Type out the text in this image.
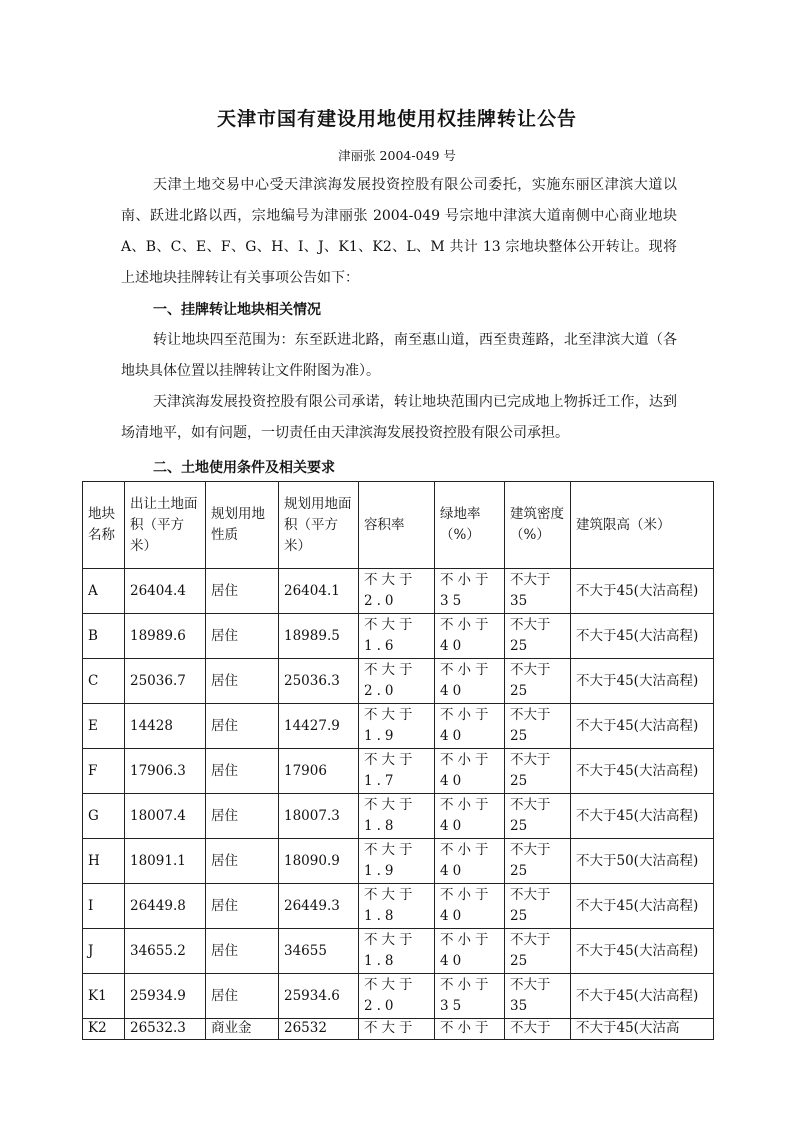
天津市国有建设用地使用权挂牌转让公告
津丽张 2004-049 号

天津土地交易中心受天津滨海发展投资控股有限公司委托，实施东丽区津滨大道以南、跃进北路以西，宗地编号为津丽张 2004-049 号宗地中津滨大道南侧中心商业地块 A、B、C、E、F、G、H、I、J、K1、K2、L、M 共计 13 宗地块整体公开转让。现将上述地块挂牌转让有关事项公告如下：

一、挂牌转让地块相关情况

转让地块四至范围为：东至跃进北路，南至惠山道，西至贵莲路，北至津滨大道（各地块具体位置以挂牌转让文件附图为准）。

天津滨海发展投资控股有限公司承诺，转让地块范围内已完成地上物拆迁工作，达到场清地平，如有问题，一切责任由天津滨海发展投资控股有限公司承担。

二、土地使用条件及相关要求
地块名称	出让土地面积（平方米）	规划用地性质	规划用地面积（平方米）	容积率	绿地率（%）	建筑密度（%）	建筑限高（米）
A	26404.4	居住	26404.1	不大于2.0	不小于35	不大于35	不大于45(大沽高程)
B	18989.6	居住	18989.5	不大于1.6	不小于40	不大于25	不大于45(大沽高程)
C	25036.7	居住	25036.3	不大于2.0	不小于40	不大于25	不大于45(大沽高程)
E	14428	居住	14427.9	不大于1.9	不小于40	不大于25	不大于45(大沽高程)
F	17906.3	居住	17906	不大于1.7	不小于40	不大于25	不大于45(大沽高程)
G	18007.4	居住	18007.3	不大于1.8	不小于40	不大于25	不大于45(大沽高程)
H	18091.1	居住	18090.9	不大于1.9	不小于40	不大于25	不大于50(大沽高程)
I	26449.8	居住	26449.3	不大于1.8	不小于40	不大于25	不大于45(大沽高程)
J	34655.2	居住	34655	不大于1.8	不小于40	不大于25	不大于45(大沽高程)
K1	25934.9	居住	25934.6	不大于2.0	不小于35	不大于35	不大于45(大沽高程)
K2	26532.3	商业金	26532	不大于	不小于	不大于	不大于45(大沽高
